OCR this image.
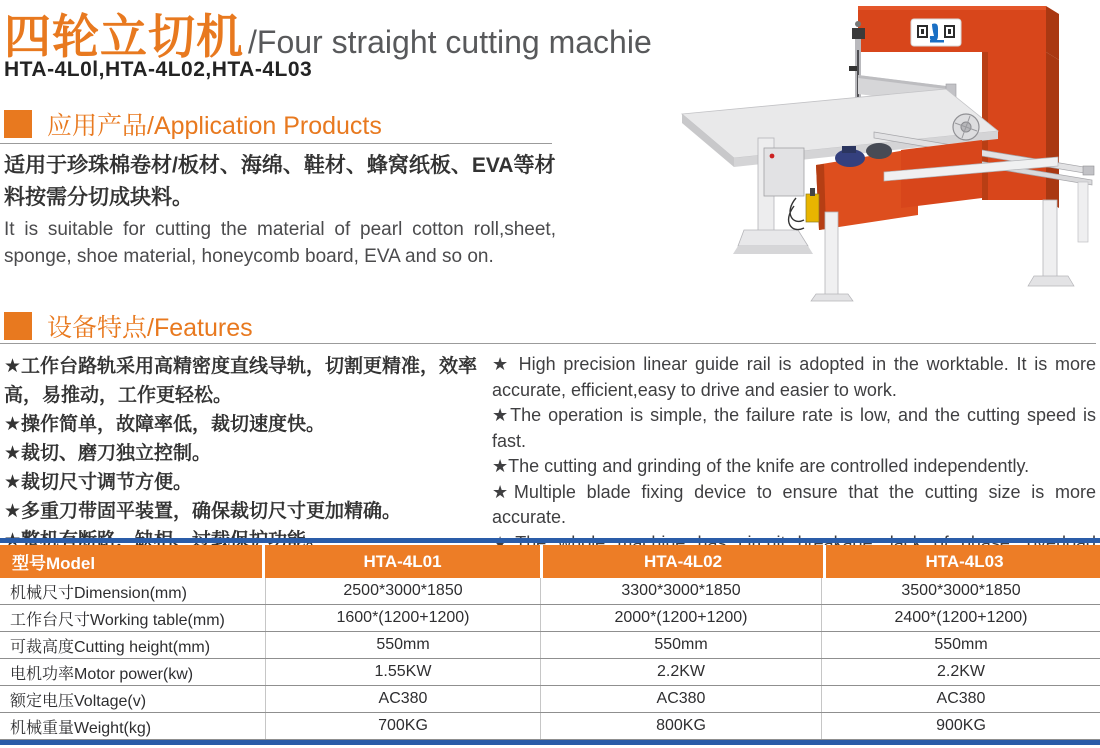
四轮立切机 /Four straight cutting machie
HTA-4L0l,HTA-4L02,HTA-4L03
应用产品/Application Products
适用于珍珠棉卷材/板材、海绵、鞋材、蜂窝纸板、EVA等材料按需分切成块料。
It is suitable for cutting the material of pearl cotton roll,sheet, sponge, shoe material, honeycomb board, EVA and so on.
设备特点/Features
★工作台路轨采用高精密度直线导轨，切割更精准，效率高，易推动，工作更轻松。
★操作简单，故障率低，裁切速度快。
★裁切、磨刀独立控制。
★裁切尺寸调节方便。
★多重刀带固平装置，确保裁切尺寸更加精确。
★ High precision linear guide rail is adopted in the worktable. It is more accurate, efficient,easy to drive and easier to work.
★The operation is simple, the failure rate is low, and the cutting speed is fast.
★The cutting and grinding of the knife are controlled independently.
★Multiple blade fixing device to ensure that the cutting size is more accurate.
型号Model	HTA-4L01	HTA-4L02	HTA-4L03
机械尺寸Dimension(mm)	2500*3000*1850	3300*3000*1850	3500*3000*1850
工作台尺寸Working table(mm)	1600*(1200+1200)	2000*(1200+1200)	2400*(1200+1200)
可裁高度Cutting height(mm)	550mm	550mm	550mm
电机功率Motor power(kw)	1.55KW	2.2KW	2.2KW
额定电压Voltage(v)	AC380	AC380	AC380
机械重量Weight(kg)	700KG	800KG	900KG
